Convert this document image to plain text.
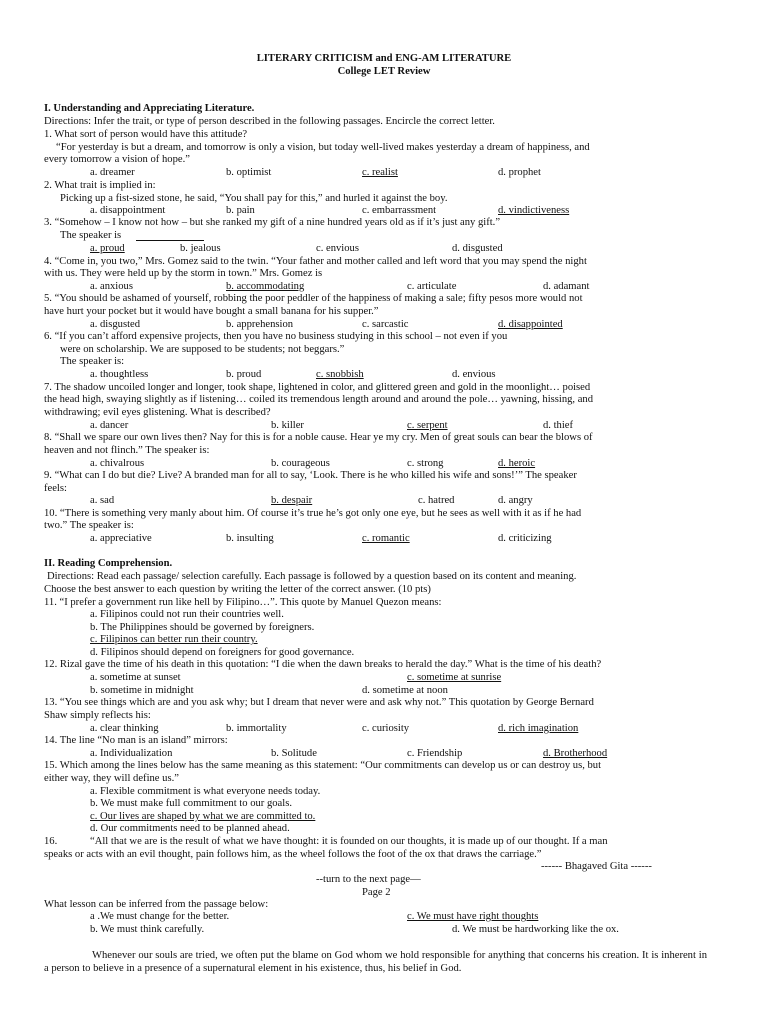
LITERARY CRITICISM and ENG-AM LITERATURE
College LET Review
I. Understanding and Appreciating Literature.
Directions: Infer the trait, or type of person described in the following passages. Encircle the correct letter.
1. What sort of person would have this attitude?
“For yesterday is but a dream, and tomorrow is only a vision, but today well-lived makes yesterday a dream of happiness, and
every tomorrow a vision of hope.”
a. dreamer	b. optimist	c. realist	d. prophet
2. What trait is implied in:
Picking up a fist-sized stone, he said, “You shall pay for this,” and hurled it against the boy.
a. disappointment	b. pain	c. embarrassment	d. vindictiveness
3. “Somehow – I know not how – but she ranked my gift of a nine hundred years old as if it’s just any gift.”
The speaker is
a. proud	b. jealous	c. envious	d. disgusted
4. “Come in, you two,” Mrs. Gomez said to the twin. “Your father and mother called and left word that you may spend the night
with us. They were held up by the storm in town.” Mrs. Gomez is
a. anxious	b. accommodating	c. articulate	d. adamant
5. “You should be ashamed of yourself, robbing the poor peddler of the happiness of making a sale; fifty pesos more would not
have hurt your pocket but it would have bought a small banana for his supper.”
a. disgusted	b. apprehension	c. sarcastic	d. disappointed
6. “If you can’t afford expensive projects, then you have no business studying in this school – not even if you
were on scholarship. We are supposed to be students; not beggars.”
The speaker is:
a. thoughtless	b. proud	c. snobbish	d. envious
7. The shadow uncoiled longer and longer, took shape, lightened in color, and glittered green and gold in the moonlight… poised
the head high, swaying slightly as if listening… coiled its tremendous length around and around the pole… yawning, hissing, and
withdrawing; evil eyes glistening. What is described?
a. dancer	b. killer	c. serpent	d. thief
8. “Shall we spare our own lives then? Nay for this is for a noble cause. Hear ye my cry. Men of great souls can bear the blows of
heaven and not flinch.” The speaker is:
a. chivalrous	b. courageous	c. strong	d. heroic
9. “What can I do but die? Live? A branded man for all to say, ‘Look. There is he who killed his wife and sons!’” The speaker
feels:
a. sad	b. despair	c. hatred	d. angry
10. “There is something very manly about him. Of course it’s true he’s got only one eye, but he sees as well with it as if he had
two.” The speaker is:
a. appreciative	b. insulting	c. romantic	d. criticizing
II. Reading Comprehension.
Directions: Read each passage/ selection carefully. Each passage is followed by a question based on its content and meaning.
Choose the best answer to each question by writing the letter of the correct answer. (10 pts)
11. “I prefer a government run like hell by Filipino…”. This quote by Manuel Quezon means:
a. Filipinos could not run their countries well.
b. The Philippines should be governed by foreigners.
c. Filipinos can better run their country.
d. Filipinos should depend on foreigners for good governance.
12. Rizal gave the time of his death in this quotation: “I die when the dawn breaks to herald the day.” What is the time of his death?
a. sometime at sunset	c. sometime at sunrise
b. sometime in midnight	d. sometime at noon
13. “You see things which are and you ask why; but I dream that never were and ask why not.” This quotation by George Bernard
Shaw simply reflects his:
a. clear thinking	b. immortality	c. curiosity	d. rich imagination
14. The line “No man is an island” mirrors:
a. Individualization	b. Solitude	c. Friendship	d. Brotherhood
15. Which among the lines below has the same meaning as this statement: “Our commitments can develop us or can destroy us, but
either way, they will define us.”
a. Flexible commitment is what everyone needs today.
b. We must make full commitment to our goals.
c. Our lives are shaped by what we are committed to.
d. Our commitments need to be planned ahead.
16.	“All that we are is the result of what we have thought: it is founded on our thoughts, it is made up of our thought. If a man
speaks or acts with an evil thought, pain follows him, as the wheel follows the foot of the ox that draws the carriage.”
------ Bhagaved Gita ------
--turn to the next page—
Page 2
What lesson can be inferred from the passage below:
a .We must change for the better.	c. We must have right thoughts
b. We must think carefully.	d. We must be hardworking like the ox.
Whenever our souls are tried, we often put the blame on God whom we hold responsible for anything that concerns his creation. It is inherent in a person to believe in a presence of a supernatural element in his existence, thus, his belief in God.
